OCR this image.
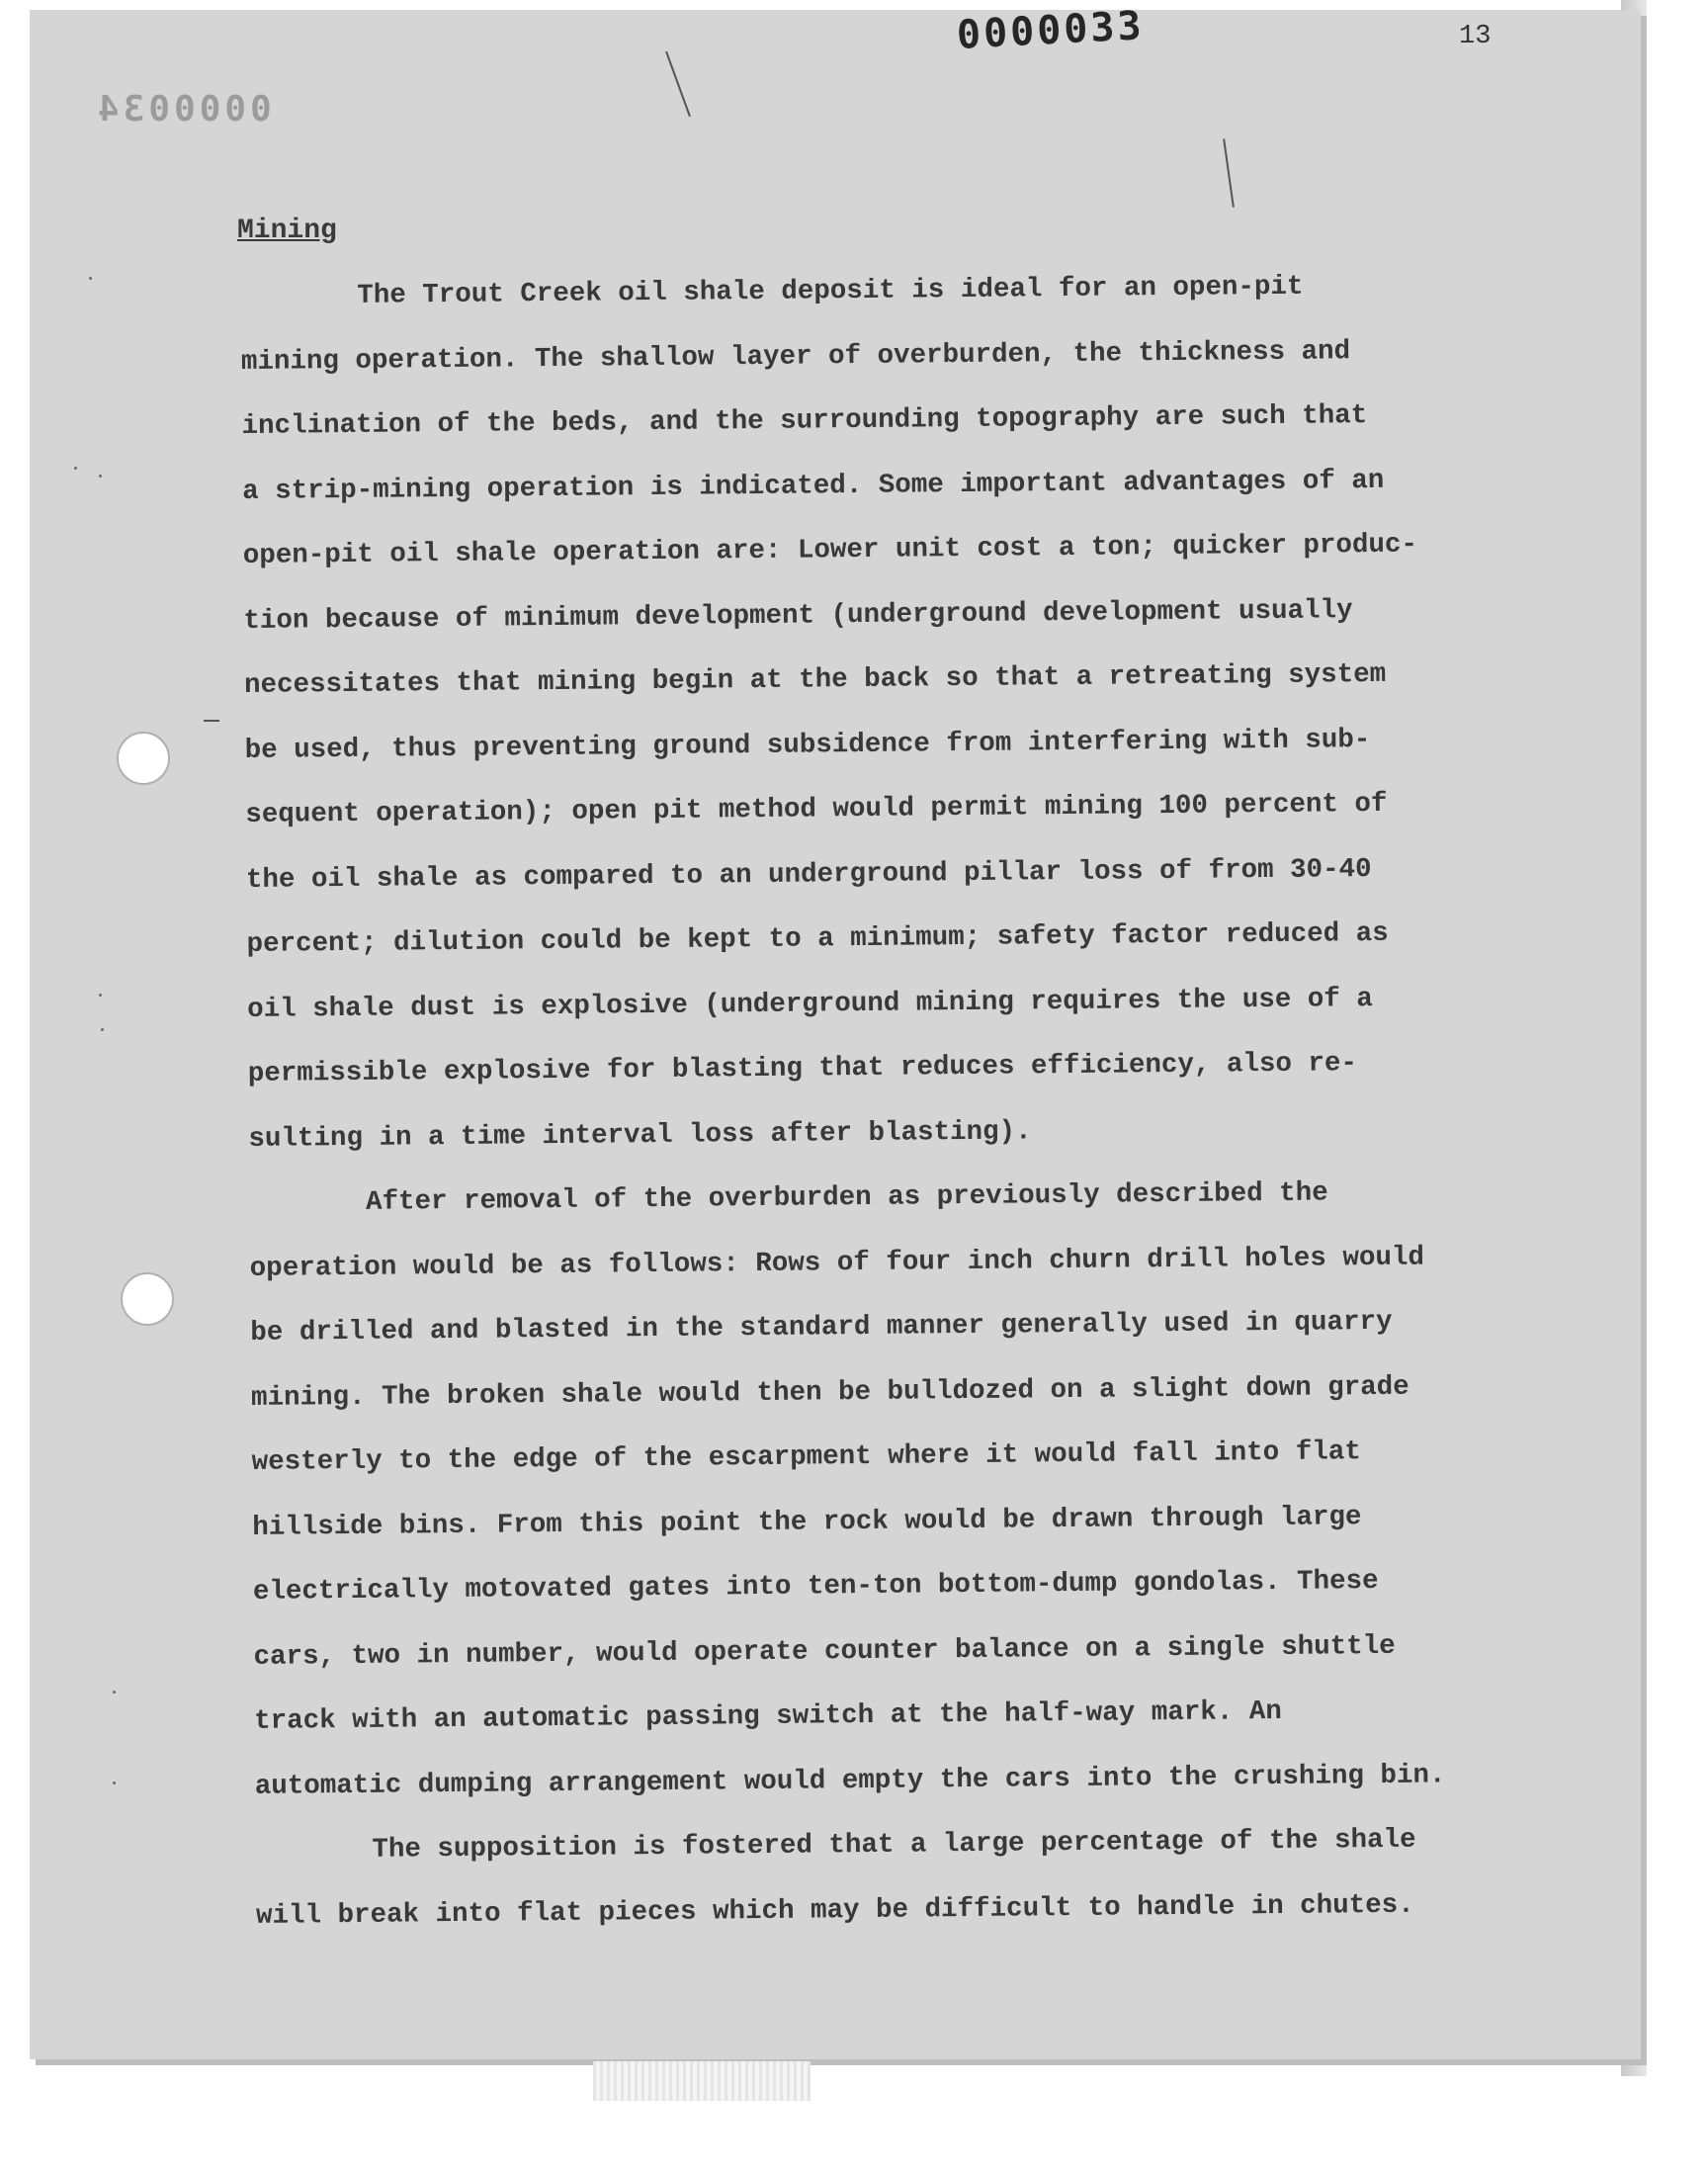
0000033
0000034
13
Mining
The Trout Creek oil shale deposit is ideal for an open-pit
mining operation. The shallow layer of overburden, the thickness and
inclination of the beds, and the surrounding topography are such that
a strip-mining operation is indicated. Some important advantages of an
open-pit oil shale operation are: Lower unit cost a ton; quicker produc-
tion because of minimum development (underground development usually
necessitates that mining begin at the back so that a retreating system
be used, thus preventing ground subsidence from interfering with sub-
sequent operation); open pit method would permit mining 100 percent of
the oil shale as compared to an underground pillar loss of from 30-40
percent; dilution could be kept to a minimum; safety factor reduced as
oil shale dust is explosive (underground mining requires the use of a
permissible explosive for blasting that reduces efficiency, also re-
sulting in a time interval loss after blasting).
After removal of the overburden as previously described the
operation would be as follows: Rows of four inch churn drill holes would
be drilled and blasted in the standard manner generally used in quarry
mining. The broken shale would then be bulldozed on a slight down grade
westerly to the edge of the escarpment where it would fall into flat
hillside bins. From this point the rock would be drawn through large
electrically motovated gates into ten-ton bottom-dump gondolas. These
cars, two in number, would operate counter balance on a single shuttle
track with an automatic passing switch at the half-way mark. An
automatic dumping arrangement would empty the cars into the crushing bin.
The supposition is fostered that a large percentage of the shale
will break into flat pieces which may be difficult to handle in chutes.
